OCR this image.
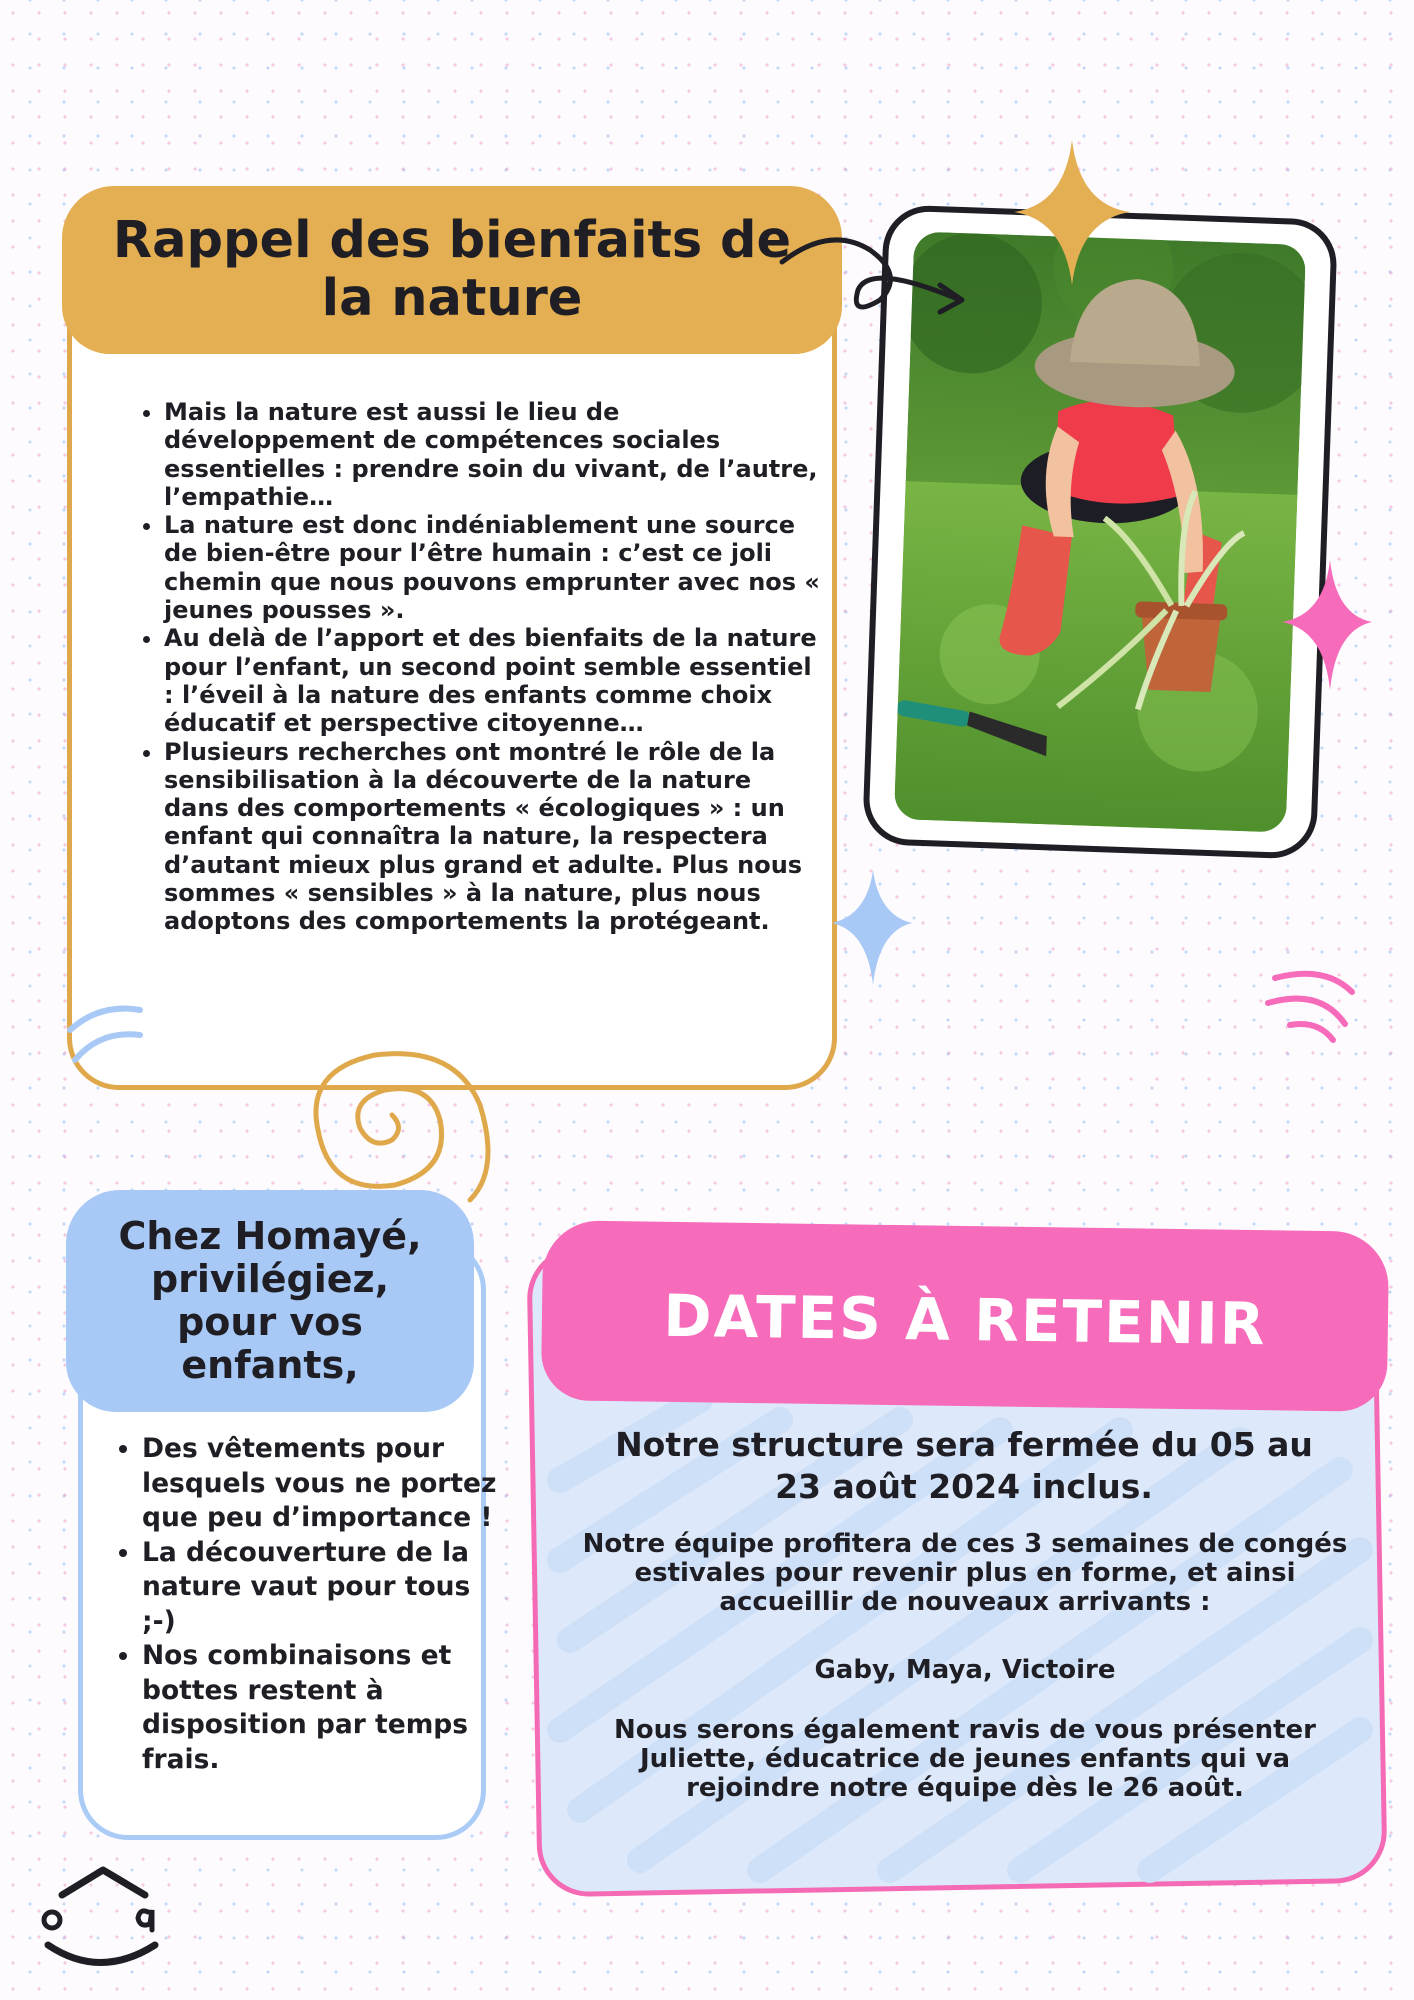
Rappel des bienfaits de la nature
• Mais la nature est aussi le lieu de développement de compétences sociales essentielles : prendre soin du vivant, de l’autre, l’empathie…
• La nature est donc indéniablement une source de bien-être pour l’être humain : c’est ce joli chemin que nous pouvons emprunter avec nos « jeunes pousses ».
• Au delà de l’apport et des bienfaits de la nature pour l’enfant, un second point semble essentiel : l’éveil à la nature des enfants comme choix éducatif et perspective citoyenne…
• Plusieurs recherches ont montré le rôle de la sensibilisation à la découverte de la nature dans des comportements « écologiques » : un enfant qui connaîtra la nature, la respectera d’autant mieux plus grand et adulte. Plus nous sommes « sensibles » à la nature, plus nous adoptons des comportements la protégeant.
Chez Homayé, privilégiez, pour vos enfants,
• Des vêtements pour lesquels vous ne portez que peu d’importance !
• La découverture de la nature vaut pour tous ;-)
• Nos combinaisons et bottes restent à disposition par temps frais.
DATES À RETENIR
Notre structure sera fermée du 05 au 23 août 2024 inclus.
Notre équipe profitera de ces 3 semaines de congés estivales pour revenir plus en forme, et ainsi accueillir de nouveaux arrivants :
Gaby, Maya, Victoire
Nous serons également ravis de vous présenter Juliette, éducatrice de jeunes enfants qui va rejoindre notre équipe dès le 26 août.
